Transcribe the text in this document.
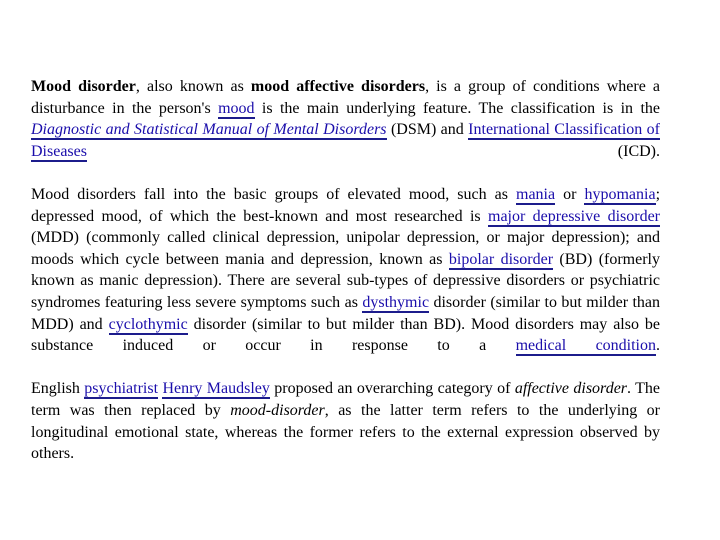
Mood disorder, also known as mood affective disorders, is a group of conditions where a disturbance in the person's mood is the main underlying feature. The classification is in the Diagnostic and Statistical Manual of Mental Disorders (DSM) and International Classification of Diseases (ICD).

Mood disorders fall into the basic groups of elevated mood, such as mania or hypomania; depressed mood, of which the best-known and most researched is major depressive disorder (MDD) (commonly called clinical depression, unipolar depression, or major depression); and moods which cycle between mania and depression, known as bipolar disorder (BD) (formerly known as manic depression). There are several sub-types of depressive disorders or psychiatric syndromes featuring less severe symptoms such as dysthymic disorder (similar to but milder than MDD) and cyclothymic disorder (similar to but milder than BD). Mood disorders may also be substance induced or occur in response to a medical condition.

English psychiatrist Henry Maudsley proposed an overarching category of affective disorder. The term was then replaced by mood-disorder, as the latter term refers to the underlying or longitudinal emotional state, whereas the former refers to the external expression observed by others.
